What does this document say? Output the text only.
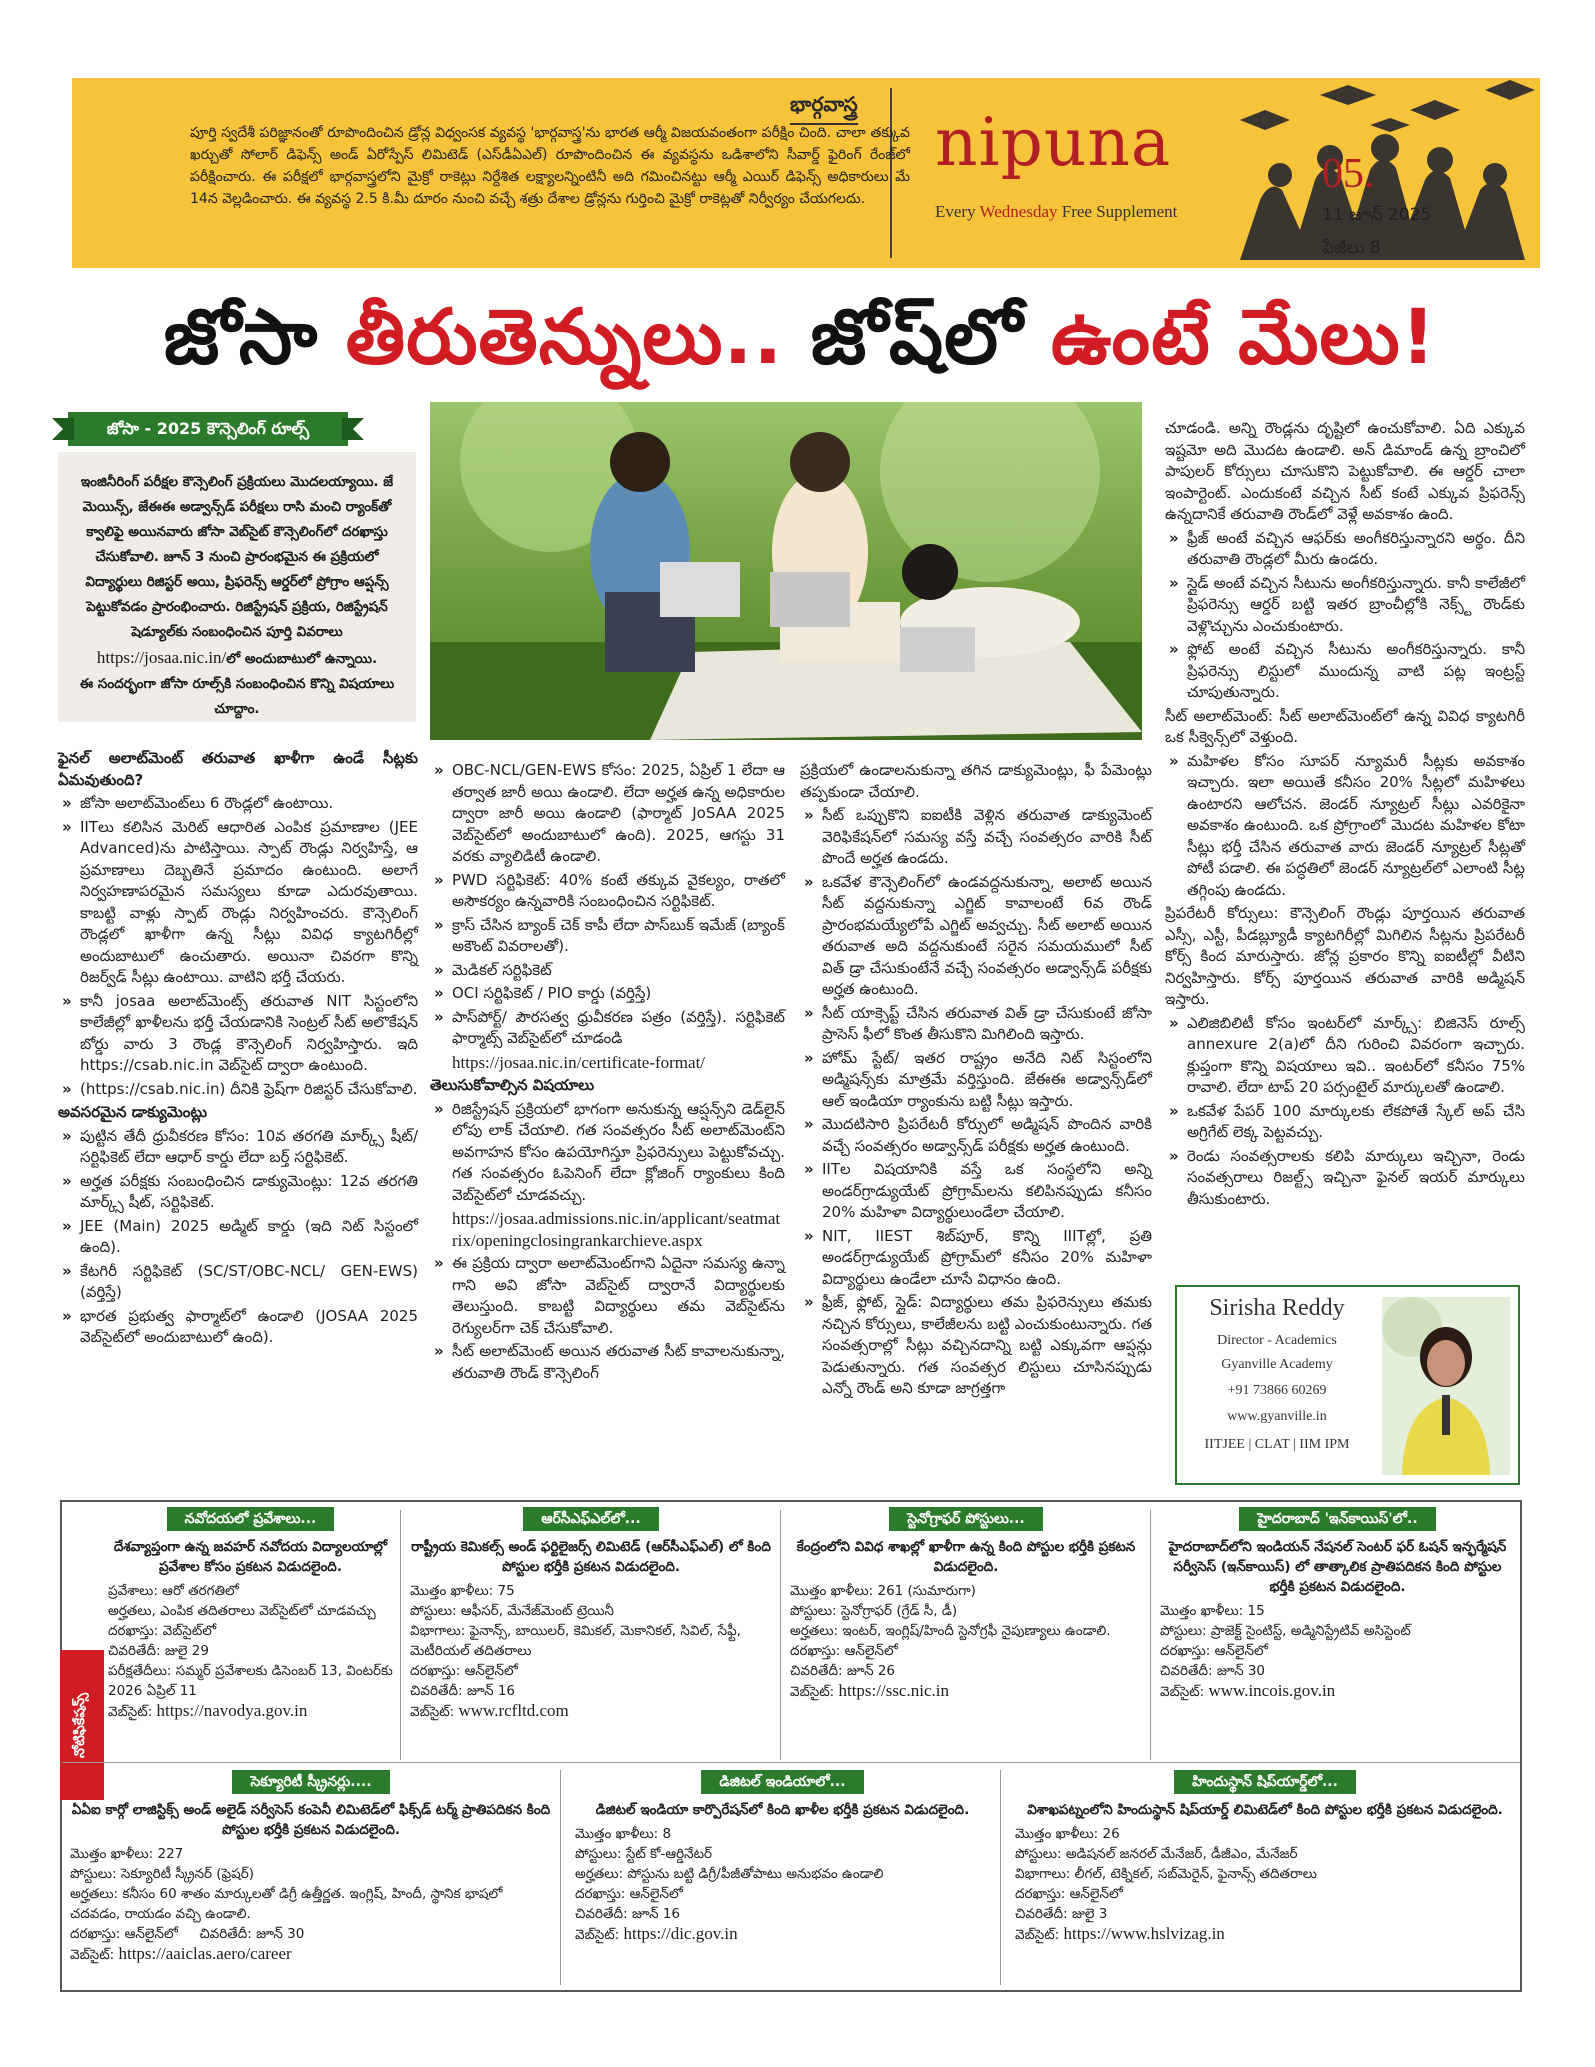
భార్గవాస్త్ర
పూర్తి స్వదేశీ పరిజ్ఞానంతో రూపొందించిన డ్రోన్ల విధ్వంసక వ్యవస్థ 'భార్గవాస్త్ర'ను భారత ఆర్మీ విజయవంతంగా పరీక్షిం చింది. చాలా తక్కువ ఖర్చుతో సోలార్ డిఫెన్స్ అండ్ ఏరోస్పేస్ లిమిటెడ్ (ఎస్‌డీఏఎల్) రూపొందించిన ఈ వ్యవస్థను ఒడిశాలోని సీవార్డ్ ఫైరింగ్ రేంజ్‌లో పరీక్షించారు. ఈ పరీక్షలో భార్గవాస్త్రలోని మైక్రో రాకెట్లు నిర్దేశిత లక్ష్యాలన్నింటినీ అది గమించినట్టు ఆర్మీ ఎయిర్ డిఫెన్స్ అధికారులు మే 14న వెల్లడించారు. ఈ వ్యవస్థ 2.5 కి.మీ దూరం నుంచి వచ్చే శత్రు దేశాల డ్రోన్లను గుర్తించి మైక్రో రాకెట్లతో నిర్వీర్యం చేయగలదు.
nipuna
Every Wednesday Free Supplement
05.
11 జూన్ 2025
పేజీలు 8
జోసా తీరుతెన్నులు.. జోష్‌లో ఉంటే మేలు!
జోసా - 2025 కౌన్సెలింగ్ రూల్స్
ఇంజినీరింగ్ పరీక్షల కౌన్సెలింగ్ ప్రక్రియలు మొదలయ్యాయి. జే మెయిన్స్, జేఈఈ అడ్వాన్స్‌డ్ పరీక్షలు రాసి మంచి ర్యాంక్‌తో క్వాలిఫై అయినవారు జోసా వెబ్‌సైట్ కౌన్సెలింగ్‌లో దరఖాస్తు చేసుకోవాలి. జూన్ 3 నుంచి ప్రారంభమైన ఈ ప్రక్రియలో విద్యార్థులు రిజిస్టర్ అయి, ప్రిఫరెన్స్ ఆర్డర్‌లో ప్రోగ్రాం ఆప్షన్స్ పెట్టుకోవడం ప్రారంభించారు. రిజిస్ట్రేషన్ ప్రక్రియ, రిజిస్ట్రేషన్ షెడ్యూల్‌కు సంబంధించిన పూర్తి వివరాలు
https://josaa.nic.in/లో అందుబాటులో ఉన్నాయి.
ఈ సందర్భంగా జోసా రూల్స్‌కి సంబంధించిన కొన్ని విషయాలు చూద్దాం.

ఫైనల్ అలాట్‌మెంట్ తరువాత ఖాళీగా ఉండే సీట్లకు ఏమవుతుంది?

» జోసా అలాట్‌మెంట్‌లు 6 రౌండ్లలో ఉంటాయి.

» IITలు కలిసిన మెరిట్ ఆధారిత ఎంపిక ప్రమాణాల (JEE Advanced)ను పాటిస్తాయి. స్పాట్ రౌండ్లు నిర్వహిస్తే, ఆ ప్రమాణాలు దెబ్బతినే ప్రమాదం ఉంటుంది. అలాగే నిర్వహణాపరమైన సమస్యలు కూడా ఎదురవుతాయి. కాబట్టి వాళ్లు స్పాట్ రౌండ్లు నిర్వహించరు. కౌన్సెలింగ్ రౌండ్లలో ఖాళీగా ఉన్న సీట్లు వివిధ క్యాటగిరీల్లో అందుబాటులో ఉంచుతారు. అయినా చివరగా కొన్ని రిజర్వ్‌డ్ సీట్లు ఉంటాయి. వాటిని భర్తీ చేయరు.

» కానీ josaa అలాట్‌మెంట్స్ తరువాత NIT సిస్టంలోని కాలేజీల్లో ఖాళీలను భర్తీ చేయడానికి సెంట్రల్ సీట్ అలొకేషన్ బోర్డు వారు 3 రౌండ్ల కౌన్సెలింగ్ నిర్వహిస్తారు. ఇది https://csab.nic.in వెబ్‌సైట్ ద్వారా ఉంటుంది.

» (https://csab.nic.in) దీనికి ఫ్రెష్‌గా రిజిస్టర్ చేసుకోవాలి.

అవసరమైన డాక్యుమెంట్లు

» పుట్టిన తేదీ ధ్రువీకరణ కోసం: 10వ తరగతి మార్క్స్ షీట్/సర్టిఫికెట్ లేదా ఆధార్ కార్డు లేదా బర్త్ సర్టిఫికెట్.

» అర్హత పరీక్షకు సంబంధించిన డాక్యుమెంట్లు: 12వ తరగతి మార్క్స్ షీట్, సర్టిఫికెట్.

» JEE (Main) 2025 అడ్మిట్ కార్డు (ఇది నిట్ సిస్టంలో ఉంది).

» కేటగిరీ సర్టిఫికెట్ (SC/ST/OBC-NCL/ GEN-EWS) (వర్తిస్తే)

» భారత ప్రభుత్వ ఫార్మాట్‌లో ఉండాలి (JOSAA 2025 వెబ్‌సైట్‌లో అందుబాటులో ఉంది).

» OBC-NCL/GEN-EWS కోసం: 2025, ఏప్రిల్ 1 లేదా ఆ తర్వాత జారీ అయి ఉండాలి. లేదా అర్హత ఉన్న అధికారుల ద్వారా జారీ అయి ఉండాలి (ఫార్మాట్ JoSAA 2025 వెబ్‌సైట్‌లో అందుబాటులో ఉంది). 2025, ఆగస్టు 31 వరకు వ్యాలిడిటీ ఉండాలి.

» PWD సర్టిఫికెట్: 40% కంటే తక్కువ వైకల్యం, రాతలో అసౌకర్యం ఉన్నవారికి సంబంధించిన సర్టిఫికెట్.

» క్రాస్ చేసిన బ్యాంక్ చెక్ కాపీ లేదా పాస్‌బుక్ ఇమేజ్ (బ్యాంక్ అకౌంట్ వివరాలతో).

» మెడికల్ సర్టిఫికెట్

» OCI సర్టిఫికెట్ / PIO కార్డు (వర్తిస్తే)

» పాస్‌పోర్ట్/ పౌరసత్వ ధ్రువీకరణ పత్రం (వర్తిస్తే). సర్టిఫికెట్ ఫార్మాట్స్ వెబ్‌సైట్‌లో చూడండి

https://josaa.nic.in/certificate-format/

తెలుసుకోవాల్సిన విషయాలు

» రిజిస్ట్రేషన్ ప్రక్రియలో భాగంగా అనుకున్న ఆప్షన్స్‌ని డెడ్‌లైన్ లోపు లాక్ చేయాలి. గత సంవత్సరం సీట్ అలాట్‌మెంట్‌ని అవగాహన కోసం ఉపయోగిస్తూ ప్రిఫరెన్సులు పెట్టుకోవచ్చు. గత సంవత్సరం ఓపెనింగ్ లేదా క్లోజింగ్ ర్యాంకులు కింది వెబ్‌సైట్‌లో చూడవచ్చు.

https://josaa.admissions.nic.in/applicant/seatmatrix/openingclosingrankarchieve.aspx

» ఈ ప్రక్రియ ద్వారా అలాట్‌మెంట్‌గాని ఏదైనా సమస్య ఉన్నా గాని అవి జోసా వెబ్‌సైట్ ద్వారానే విద్యార్థులకు తెలుస్తుంది. కాబట్టి విద్యార్థులు తమ వెబ్‌సైట్‌ను రెగ్యులర్‌గా చెక్ చేసుకోవాలి.

» సీట్ అలాట్‌మెంట్ అయిన తరువాత సీట్ కావాలనుకున్నా, తరువాతి రౌండ్ కౌన్సెలింగ్

ప్రక్రియలో ఉండాలనుకున్నా తగిన డాక్యుమెంట్లు, ఫీ పేమెంట్లు తప్పకుండా చేయాలి.

» సీట్ ఒప్పుకొని ఐఐటీకి వెళ్లిన తరువాత డాక్యుమెంట్ వెరిఫికేషన్‌లో సమస్య వస్తే వచ్చే సంవత్సరం వారికి సీట్ పొందే అర్హత ఉండదు.

» ఒకవేళ కౌన్సెలింగ్‌లో ఉండవద్దనుకున్నా, అలాట్ అయిన సీట్ వద్దనుకున్నా ఎగ్జిట్ కావాలంటే 6వ రౌండ్ ప్రారంభమయ్యేలోపే ఎగ్జిట్ అవ్వచ్చు. సీట్ అలాట్ అయిన తరువాత అది వద్దనుకుంటే సరైన సమయములో సీట్ విత్ డ్రా చేసుకుంటేనే వచ్చే సంవత్సరం అడ్వాన్స్‌డ్ పరీక్షకు అర్హత ఉంటుంది.

» సీట్ యాక్సెప్ట్ చేసిన తరువాత విత్ డ్రా చేసుకుంటే జోసా ప్రాసెస్ ఫీలో కొంత తీసుకొని మిగిలింది ఇస్తారు.

» హోమ్ స్టేట్/ ఇతర రాష్ట్రం అనేది నిట్ సిస్టంలోని అడ్మిషన్స్‌కు మాత్రమే వర్తిస్తుంది. జేఈఈ అడ్వాన్స్‌డ్‌లో ఆల్ ఇండియా ర్యాంకును బట్టి సీట్లు ఇస్తారు.

» మొదటిసారి ప్రిపరేటరీ కోర్సులో అడ్మిషన్ పొందిన వారికి వచ్చే సంవత్సరం అడ్వాన్స్‌డ్ పరీక్షకు అర్హత ఉంటుంది.

» IITల విషయానికి వస్తే ఒక సంస్థలోని అన్ని అండర్‌గ్రాడ్యుయేట్ ప్రోగ్రామ్‌లను కలిపినప్పుడు కనీసం 20% మహిళా విద్యార్థులుండేలా చేయాలి.

» NIT, IIEST శిబ్‌పూర్, కొన్ని IIITల్లో, ప్రతి అండర్‌గ్రాడ్యుయేట్ ప్రోగ్రామ్‌లో కనీసం 20% మహిళా విద్యార్థులు ఉండేలా చూసే విధానం ఉంది.

» ఫ్రీజ్, ఫ్లోట్, స్లైడ్: విద్యార్థులు తమ ప్రిఫరెన్సులు తమకు నచ్చిన కోర్సులు, కాలేజీలను బట్టి ఎంచుకుంటున్నారు. గత సంవత్సరాల్లో సీట్లు వచ్చినదాన్ని బట్టి ఎక్కువగా ఆప్షన్లు పెడుతున్నారు. గత సంవత్సర లిస్టులు చూసినప్పుడు ఎన్నో రౌండ్ అని కూడా జాగ్రత్తగా

చూడండి. అన్ని రౌండ్లను దృష్టిలో ఉంచుకోవాలి. ఏది ఎక్కువ ఇష్టమో అది మొదట ఉండాలి. అన్ డిమాండ్ ఉన్న బ్రాంచిలో పాపులర్ కోర్సులు చూసుకొని పెట్టుకోవాలి. ఈ ఆర్డర్ చాలా ఇంపార్టెంట్. ఎందుకంటే వచ్చిన సీట్ కంటే ఎక్కువ ప్రిఫరెన్స్ ఉన్నదానికే తరువాతి రౌండ్‌లో వెళ్లే అవకాశం ఉంది.

» ఫ్రీజ్ అంటే వచ్చిన ఆఫర్‌కు అంగీకరిస్తున్నారని అర్థం. దీని తరువాతి రౌండ్లలో మీరు ఉండరు.

» స్లైడ్ అంటే వచ్చిన సీటును అంగీకరిస్తున్నారు. కానీ కాలేజీలో ప్రిఫరెన్సు ఆర్డర్ బట్టి ఇతర బ్రాంచీల్లోకి నెక్స్ట్ రౌండ్‌కు వెళ్లొచ్చును ఎంచుకుంటారు.

» ఫ్లోట్ అంటే వచ్చిన సీటును అంగీకరిస్తున్నారు. కానీ ప్రిఫరెన్సు లిస్టులో ముందున్న వాటి పట్ల ఇంట్రస్ట్ చూపుతున్నారు.

సీట్ అలాట్‌మెంట్: సీట్ అలాట్‌మెంట్‌లో ఉన్న వివిధ క్యాటగిరీ ఒక సీక్వెన్స్‌లో వెళ్తుంది.

» మహిళల కోసం సూపర్ న్యూమరీ సీట్లకు అవకాశం ఇచ్చారు. ఇలా అయితే కనీసం 20% సీట్లలో మహిళలు ఉంటారని ఆలోచన. జెండర్ న్యూట్రల్ సీట్లు ఎవరికైనా అవకాశం ఉంటుంది. ఒక ప్రోగ్రాంలో మొదట మహిళల కోటా సీట్లు భర్తీ చేసిన తరువాత వారు జెండర్ న్యూట్రల్ సీట్లతో పోటీ పడాలి. ఈ పద్ధతిలో జెండర్ న్యూట్రల్‌లో ఎలాంటి సీట్ల తగ్గింపు ఉండదు.

ప్రిపరేటరీ కోర్సులు: కౌన్సెలింగ్ రౌండ్లు పూర్తయిన తరువాత ఎస్సీ, ఎస్టీ, పీడబ్ల్యూడీ క్యాటగిరీల్లో మిగిలిన సీట్లను ప్రిపరేటరీ కోర్స్ కింద మారుస్తారు. జోన్ల ప్రకారం కొన్ని ఐఐటీల్లో వీటిని నిర్వహిస్తారు. కోర్స్ పూర్తయిన తరువాత వారికి అడ్మిషన్ ఇస్తారు.

» ఎలిజిబిలిటీ కోసం ఇంటర్‌లో మార్క్స్: బిజినెస్ రూల్స్ annexure 2(a)లో దీని గురించి వివరంగా ఇచ్చారు. క్లుప్తంగా కొన్ని విషయాలు ఇవి.. ఇంటర్‌లో కనీసం 75% రావాలి. లేదా టాప్ 20 పర్సంటైల్ మార్కులతో ఉండాలి.

» ఒకవేళ పేపర్ 100 మార్కులకు లేకపోతే స్కేల్ అప్ చేసి అగ్రిగేట్ లెక్క పెట్టవచ్చు.

» రెండు సంవత్సరాలకు కలిపి మార్కులు ఇచ్చినా, రెండు సంవత్సరాలు రిజల్ట్స్ ఇచ్చినా ఫైనల్ ఇయర్ మార్కులు తీసుకుంటారు.

Sirisha Reddy
Director - Academics
Gyanville Academy
+91 73866 60269
www.gyanville.in
IITJEE | CLAT | IIM IPM
నోటిఫికేషన్స్
నవోదయలో ప్రవేశాలు...
దేశవ్యాప్తంగా ఉన్న జవహర్ నవోదయ విద్యాలయాల్లో ప్రవేశాల కోసం ప్రకటన విడుదలైంది.
ప్రవేశాలు: ఆరో తరగతిలో
అర్హతలు, ఎంపిక తదితరాలు వెబ్‌సైట్‌లో చూడవచ్చు
దరఖాస్తు: వెబ్‌సైట్‌లో
చివరితేదీ: జులై 29
పరీక్షతేదీలు: సమ్మర్ ప్రవేశాలకు డిసెంబర్ 13, వింటర్‌కు 2026 ఏప్రిల్ 11
వెబ్‌సైట్: https://navodya.gov.in
ఆర్‌సీఎఫ్‌ఎల్‌లో...
రాష్ట్రీయ కెమికల్స్ అండ్ ఫర్టిలైజర్స్ లిమిటెడ్ (ఆర్‌సీఎఫ్‌ఎల్) లో కింది పోస్టుల భర్తీకి ప్రకటన విడుదలైంది.
మొత్తం ఖాళీలు: 75
పోస్టులు: ఆఫీసర్, మేనేజ్‌మెంట్ ట్రెయినీ
విభాగాలు: ఫైనాన్స్, బాయిలర్, కెమికల్, మెకానికల్, సివిల్, సేఫ్టీ, మెటీరియల్ తదితరాలు
దరఖాస్తు: ఆన్‌లైన్‌లో
చివరితేదీ: జూన్ 16
వెబ్‌సైట్: www.rcfltd.com
స్టెనోగ్రాఫర్ పోస్టులు...
కేంద్రంలోని వివిధ శాఖల్లో ఖాళీగా ఉన్న కింది పోస్టుల భర్తీకి ప్రకటన విడుదలైంది.
మొత్తం ఖాళీలు: 261 (సుమారుగా)
పోస్టులు: స్టెనోగ్రాఫర్ (గ్రేడ్ సీ, డీ)
అర్హతలు: ఇంటర్, ఇంగ్లిష్/హిందీ స్టెనోగ్రఫీ నైపుణ్యాలు ఉండాలి.
దరఖాస్తు: ఆన్‌లైన్‌లో
చివరితేదీ: జూన్ 26
వెబ్‌సైట్: https://ssc.nic.in
హైదరాబాద్ 'ఇన్‌కాయిస్'లో..
హైదరాబాద్‌లోని ఇండియన్ నేషనల్ సెంటర్ ఫర్ ఓషన్ ఇన్ఫర్మేషన్ సర్వీసెస్ (ఇన్‌కాయిస్) లో తాత్కాలిక ప్రాతిపదికన కింది పోస్టుల భర్తీకి ప్రకటన విడుదలైంది.
మొత్తం ఖాళీలు: 15
పోస్టులు: ప్రాజెక్ట్ సైంటిస్ట్, అడ్మినిస్ట్రేటివ్ అసిస్టెంట్
దరఖాస్తు: ఆన్‌లైన్‌లో
చివరితేదీ: జూన్ 30
వెబ్‌సైట్: www.incois.gov.in
సెక్యూరిటీ స్క్రీనర్లు....
ఏఏఐ కార్గో లాజిస్టిక్స్ అండ్ అలైడ్ సర్వీసెస్ కంపెనీ లిమిటెడ్‌లో ఫిక్స్‌డ్ టర్మ్ ప్రాతిపదికన కింది పోస్టుల భర్తీకి ప్రకటన విడుదలైంది.
మొత్తం ఖాళీలు: 227
పోస్టులు: సెక్యూరిటీ స్క్రీనర్ (ఫ్రెషర్)
అర్హతలు: కనీసం 60 శాతం మార్కులతో డిగ్రీ ఉత్తీర్ణత. ఇంగ్లిష్, హిందీ, స్థానిక భాషలో చదవడం, రాయడం వచ్చి ఉండాలి.
దరఖాస్తు: ఆన్‌లైన్‌లో     చివరితేదీ: జూన్ 30
వెబ్‌సైట్: https://aaiclas.aero/career
డిజిటల్ ఇండియాలో...
డిజిటల్ ఇండియా కార్పొరేషన్‌లో కింది ఖాళీల భర్తీకి ప్రకటన విడుదలైంది.
మొత్తం ఖాళీలు: 8
పోస్టులు: స్టేట్ కో-ఆర్డినేటర్
అర్హతలు: పోస్టును బట్టి డిగ్రీ/పీజీతోపాటు అనుభవం ఉండాలి
దరఖాస్తు: ఆన్‌లైన్‌లో
చివరితేదీ: జూన్ 16
వెబ్‌సైట్: https://dic.gov.in
హిందుస్థాన్ షిప్‌యార్డ్‌లో...
విశాఖపట్నంలోని హిందుస్థాన్ షిప్‌యార్డ్ లిమిటెడ్‌లో కింది పోస్టుల భర్తీకి ప్రకటన విడుదలైంది.
మొత్తం ఖాళీలు: 26
పోస్టులు: అడిషనల్ జనరల్ మేనేజర్, డీజీఎం, మేనేజర్
విభాగాలు: లీగల్, టెక్నికల్, సబ్‌మెరైన్, ఫైనాన్స్ తదితరాలు
దరఖాస్తు: ఆన్‌లైన్‌లో
చివరితేదీ: జులై 3
వెబ్‌సైట్: https://www.hslvizag.in
